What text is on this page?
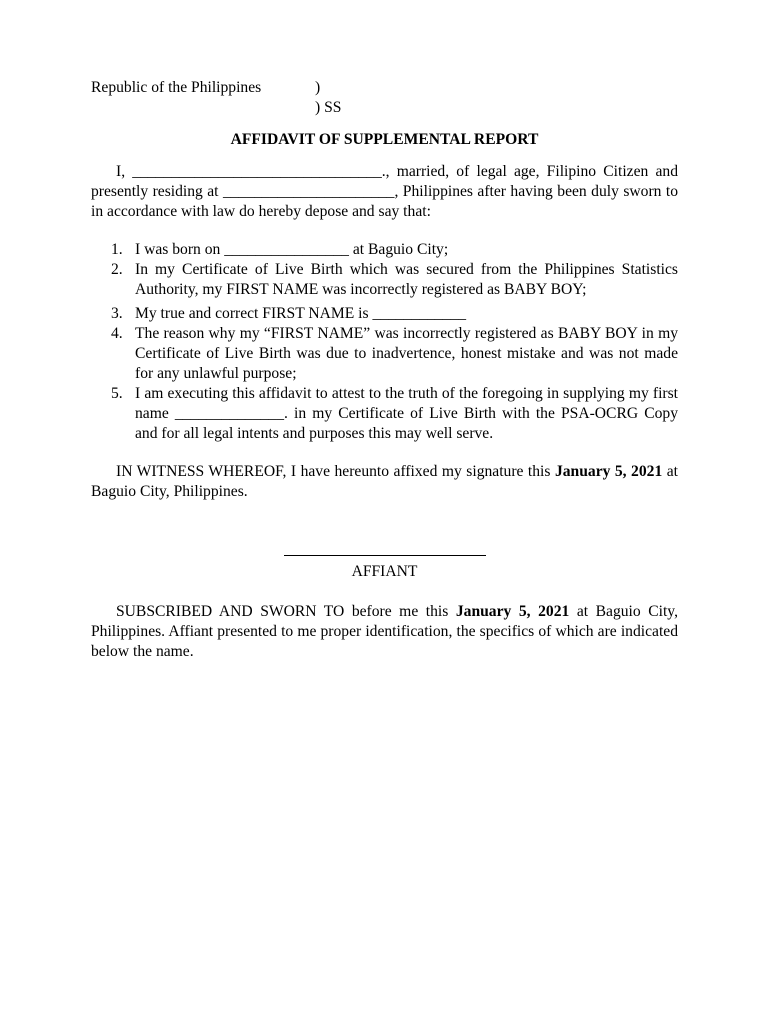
Republic of the Philippines	)
) SS
AFFIDAVIT OF SUPPLEMENTAL REPORT

I, ________________________________., married, of legal age, Filipino Citizen and presently residing at ______________________, Philippines after having been duly sworn to in accordance with law do hereby depose and say that:

1. I was born on ________________ at Baguio City;
2. In my Certificate of Live Birth which was secured from the Philippines Statistics Authority, my FIRST NAME was incorrectly registered as BABY BOY;
3. My true and correct FIRST NAME is ____________
4. The reason why my “FIRST NAME” was incorrectly registered as BABY BOY in my Certificate of Live Birth was due to inadvertence, honest mistake and was not made for any unlawful purpose;
5. I am executing this affidavit to attest to the truth of the foregoing in supplying my first name ______________. in my Certificate of Live Birth with the PSA-OCRG Copy and for all legal intents and purposes this may well serve.

IN WITNESS WHEREOF, I have hereunto affixed my signature this January 5, 2021 at Baguio City, Philippines.

AFFIANT

SUBSCRIBED AND SWORN TO before me this January 5, 2021 at Baguio City, Philippines. Affiant presented to me proper identification, the specifics of which are indicated below the name.
